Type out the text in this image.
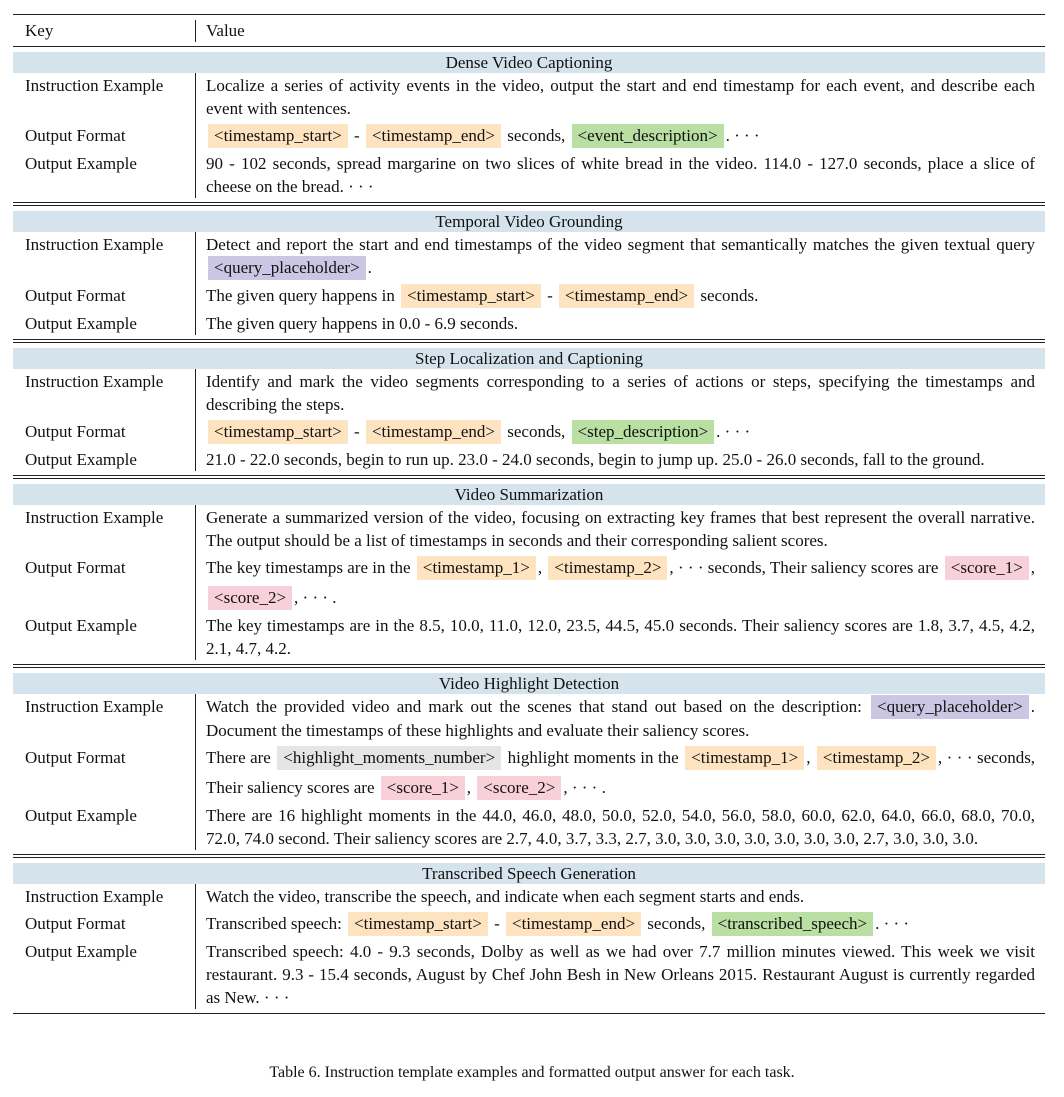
Key	Value
Dense Video Captioning
Instruction Example	Localize a series of activity events in the video, output the start and end timestamp for each event, and describe each event with sentences.
Output Format	<timestamp_start> - <timestamp_end> seconds, <event_description> . · · ·
Output Example	90 - 102 seconds, spread margarine on two slices of white bread in the video. 114.0 - 127.0 seconds, place a slice of cheese on the bread. · · ·
Temporal Video Grounding
Instruction Example	Detect and report the start and end timestamps of the video segment that semantically matches the given textual query <query_placeholder> .
Output Format	The given query happens in <timestamp_start> - <timestamp_end> seconds.
Output Example	The given query happens in 0.0 - 6.9 seconds.
Step Localization and Captioning
Instruction Example	Identify and mark the video segments corresponding to a series of actions or steps, specifying the timestamps and describing the steps.
Output Format	<timestamp_start> - <timestamp_end> seconds, <step_description> . · · ·
Output Example	21.0 - 22.0 seconds, begin to run up. 23.0 - 24.0 seconds, begin to jump up. 25.0 - 26.0 seconds, fall to the ground.
Video Summarization
Instruction Example	Generate a summarized version of the video, focusing on extracting key frames that best represent the overall narrative. The output should be a list of timestamps in seconds and their corresponding salient scores.
Output Format	The key timestamps are in the <timestamp_1> , <timestamp_2> , · · · seconds, Their saliency scores are <score_1> , <score_2> , · · · .
Output Example	The key timestamps are in the 8.5, 10.0, 11.0, 12.0, 23.5, 44.5, 45.0 seconds. Their saliency scores are 1.8, 3.7, 4.5, 4.2, 2.1, 4.7, 4.2.
Video Highlight Detection
Instruction Example	Watch the provided video and mark out the scenes that stand out based on the description: <query_placeholder> . Document the timestamps of these highlights and evaluate their saliency scores.
Output Format	There are <highlight_moments_number> highlight moments in the <timestamp_1> , <timestamp_2> , · · · seconds, Their saliency scores are <score_1> , <score_2> , · · · .
Output Example	There are 16 highlight moments in the 44.0, 46.0, 48.0, 50.0, 52.0, 54.0, 56.0, 58.0, 60.0, 62.0, 64.0, 66.0, 68.0, 70.0, 72.0, 74.0 second. Their saliency scores are 2.7, 4.0, 3.7, 3.3, 2.7, 3.0, 3.0, 3.0, 3.0, 3.0, 3.0, 3.0, 2.7, 3.0, 3.0, 3.0.
Transcribed Speech Generation
Instruction Example	Watch the video, transcribe the speech, and indicate when each segment starts and ends.
Output Format	Transcribed speech: <timestamp_start> - <timestamp_end> seconds, <transcribed_speech> . · · ·
Output Example	Transcribed speech: 4.0 - 9.3 seconds, Dolby as well as we had over 7.7 million minutes viewed. This week we visit restaurant. 9.3 - 15.4 seconds, August by Chef John Besh in New Orleans 2015. Restaurant August is currently regarded as New. · · ·
Table 6. Instruction template examples and formatted output answer for each task.
